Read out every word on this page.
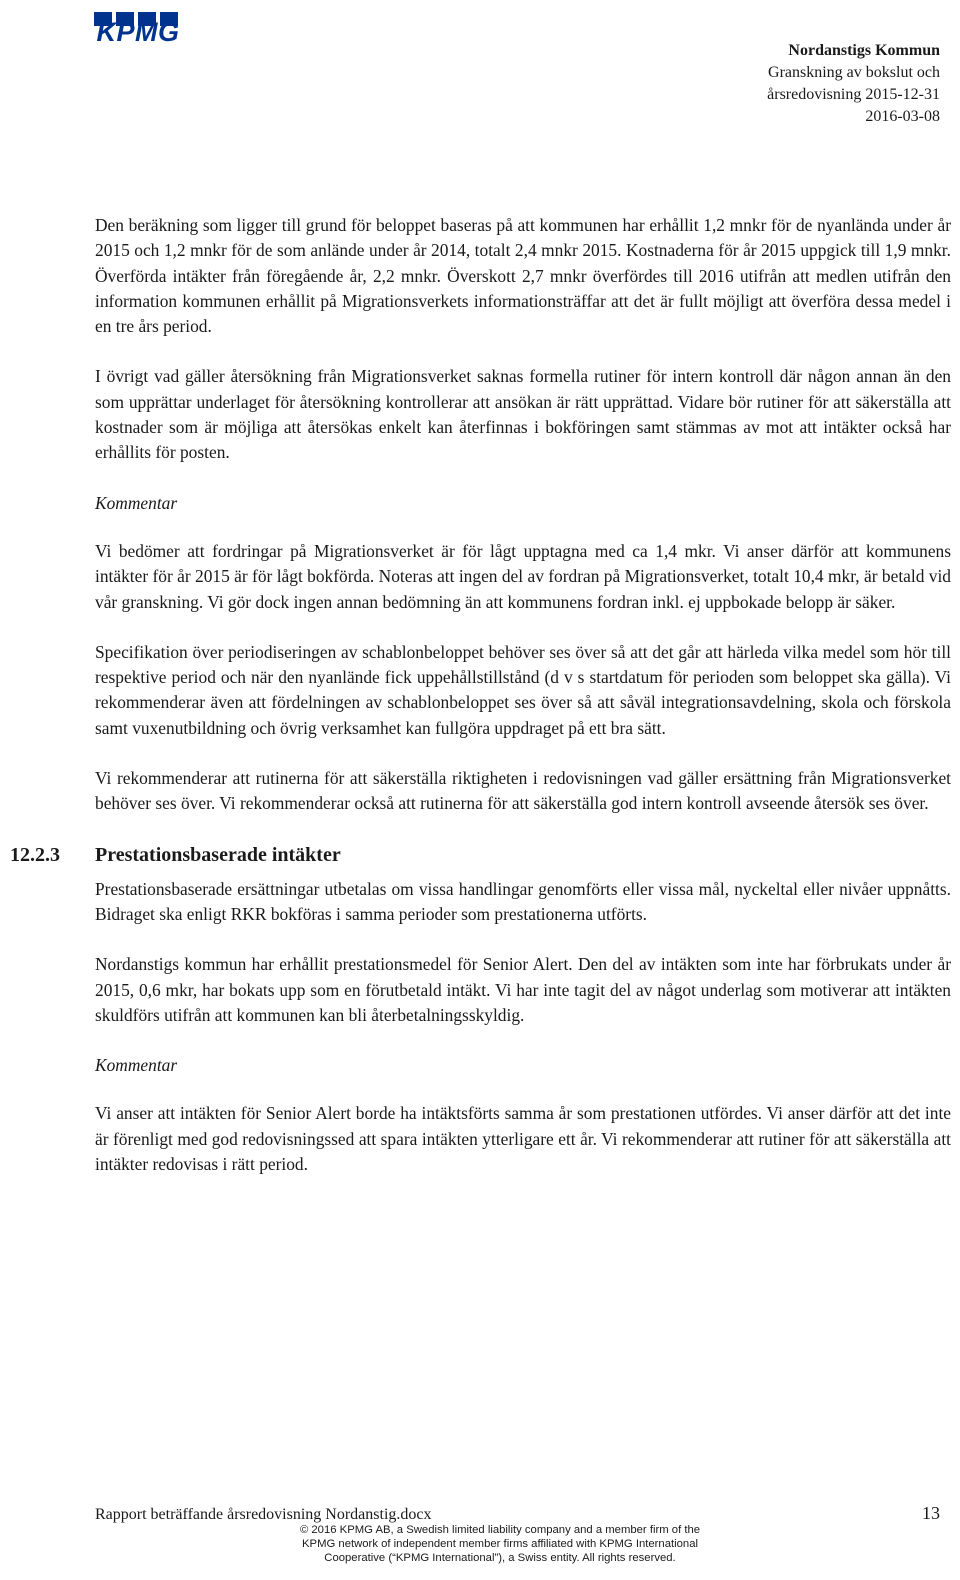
KPMG
Nordanstigs Kommun
Granskning av bokslut och
årsredovisning 2015-12-31
2016-03-08

Den beräkning som ligger till grund för beloppet baseras på att kommunen har erhållit 1,2 mnkr för de nyanlända under år 2015 och 1,2 mnkr för de som anlände under år 2014, totalt 2,4 mnkr 2015. Kostnaderna för år 2015 uppgick till 1,9 mnkr. Överförda intäkter från föregående år, 2,2 mnkr. Överskott 2,7 mnkr överfördes till 2016 utifrån att medlen utifrån den information kommunen erhållit på Migrationsverkets informationsträffar att det är fullt möjligt att överföra dessa medel i en tre års period.

I övrigt vad gäller återsökning från Migrationsverket saknas formella rutiner för intern kontroll där någon annan än den som upprättar underlaget för återsökning kontrollerar att ansökan är rätt upprättad. Vidare bör rutiner för att säkerställa att kostnader som är möjliga att återsökas enkelt kan återfinnas i bokföringen samt stämmas av mot att intäkter också har erhållits för posten.

Kommentar

Vi bedömer att fordringar på Migrationsverket är för lågt upptagna med ca 1,4 mkr. Vi anser därför att kommunens intäkter för år 2015 är för lågt bokförda. Noteras att ingen del av fordran på Migrationsverket, totalt 10,4 mkr, är betald vid vår granskning. Vi gör dock ingen annan bedömning än att kommunens fordran inkl. ej uppbokade belopp är säker.

Specifikation över periodiseringen av schablonbeloppet behöver ses över så att det går att härleda vilka medel som hör till respektive period och när den nyanlände fick uppehållstillstånd (d v s startdatum för perioden som beloppet ska gälla). Vi rekommenderar även att fördelningen av schablonbeloppet ses över så att såväl integrationsavdelning, skola och förskola samt vuxenutbildning och övrig verksamhet kan fullgöra uppdraget på ett bra sätt.

Vi rekommenderar att rutinerna för att säkerställa riktigheten i redovisningen vad gäller ersättning från Migrationsverket behöver ses över. Vi rekommenderar också att rutinerna för att säkerställa god intern kontroll avseende återsök ses över.

12.2.3 Prestationsbaserade intäkter

Prestationsbaserade ersättningar utbetalas om vissa handlingar genomförts eller vissa mål, nyckeltal eller nivåer uppnåtts. Bidraget ska enligt RKR bokföras i samma perioder som prestationerna utförts.

Nordanstigs kommun har erhållit prestationsmedel för Senior Alert. Den del av intäkten som inte har förbrukats under år 2015, 0,6 mkr, har bokats upp som en förutbetald intäkt. Vi har inte tagit del av något underlag som motiverar att intäkten skuldförs utifrån att kommunen kan bli återbetalningsskyldig.

Kommentar

Vi anser att intäkten för Senior Alert borde ha intäktsförts samma år som prestationen utfördes. Vi anser därför att det inte är förenligt med god redovisningssed att spara intäkten ytterligare ett år. Vi rekommenderar att rutiner för att säkerställa att intäkter redovisas i rätt period.

Rapport beträffande årsredovisning Nordanstig.docx	13
© 2016 KPMG AB, a Swedish limited liability company and a member firm of the
KPMG network of independent member firms affiliated with KPMG International
Cooperative (“KPMG International”), a Swiss entity. All rights reserved.
